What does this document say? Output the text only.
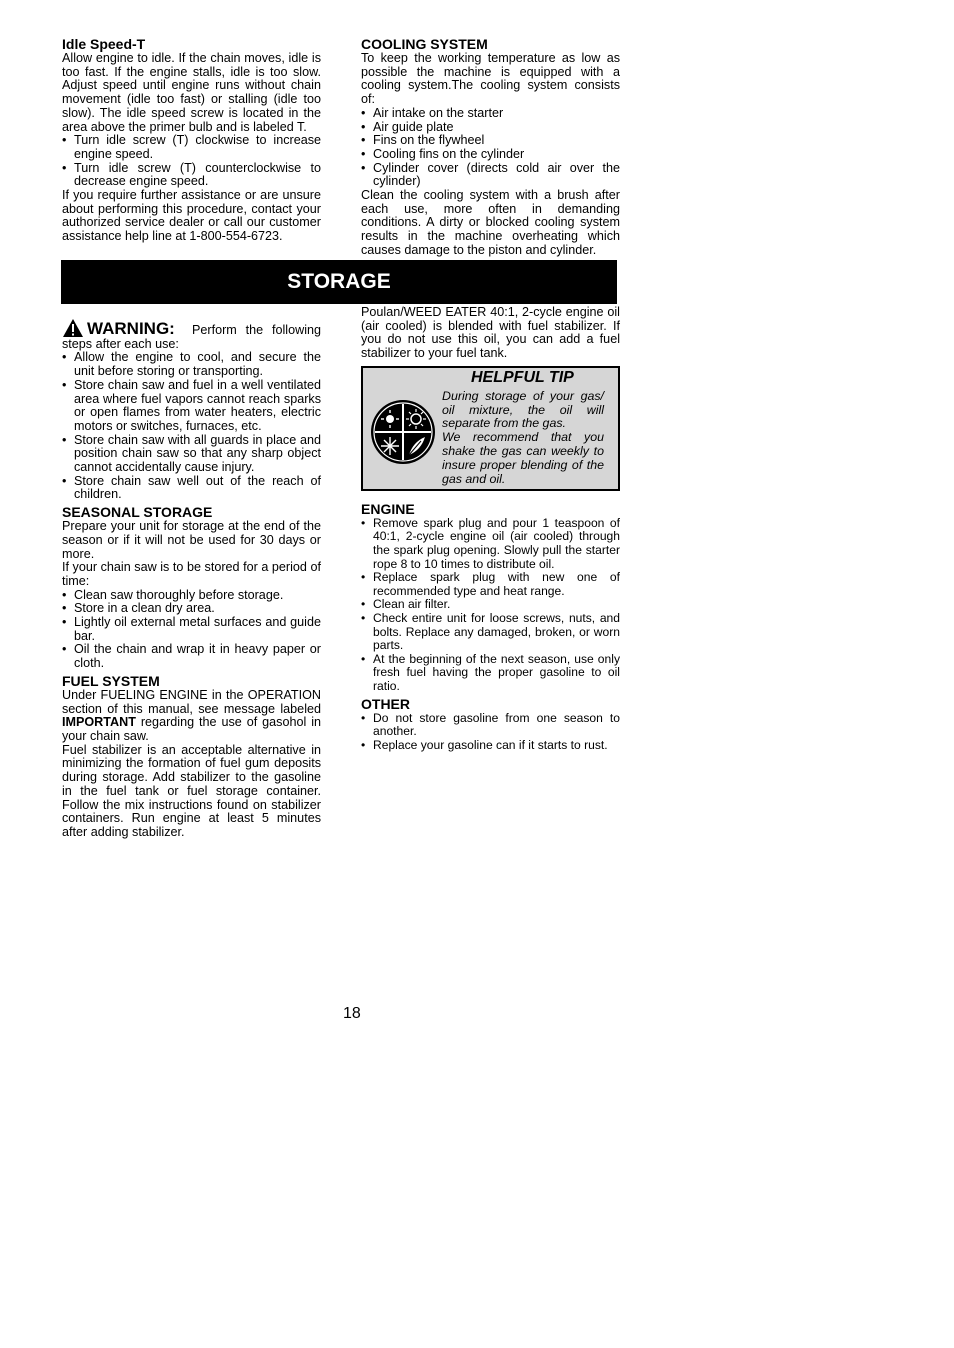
Idle Speed-T

Allow engine to idle. If the chain moves, idle is too fast. If the engine stalls, idle is too slow. Adjust speed until engine runs without chain movement (idle too fast) or stalling (idle too slow). The idle speed screw is located in the area above the primer bulb and is labeled T.

• Turn idle screw (T) clockwise to increase engine speed.
• Turn idle screw (T) counterclockwise to decrease engine speed.

If you require further assistance or are unsure about performing this procedure, contact your authorized service dealer or call our customer assistance help line at 1-800-554-6723.

COOLING SYSTEM

To keep the working temperature as low as possible the machine is equipped with a cooling system.The cooling system consists of:

• Air intake on the starter
• Air guide plate
• Fins on the flywheel
• Cooling fins on the cylinder
• Cylinder cover (directs cold air over the cylinder)

Clean the cooling system with a brush after each use, more often in demanding conditions. A dirty or blocked cooling system results in the machine overheating which causes damage to the piston and cylinder.

STORAGE
WARNING:	Perform the following steps after each use:

• Allow the engine to cool, and secure the unit before storing or transporting.
• Store chain saw and fuel in a well ventilated area where fuel vapors cannot reach sparks or open flames from water heaters, electric motors or switches, furnaces, etc.
• Store chain saw with all guards in place and position chain saw so that any sharp object cannot accidentally cause injury.
• Store chain saw well out of the reach of children.
SEASONAL STORAGE

Prepare your unit for storage at the end of the season or if it will not be used for 30 days or more.

If your chain saw is to be stored for a period of time:

• Clean saw thoroughly before storage.
• Store in a clean dry area.
• Lightly oil external metal surfaces and guide bar.
• Oil the chain and wrap it in heavy paper or cloth.
FUEL SYSTEM

Under FUELING ENGINE in the OPERATION section of this manual, see message labeled IMPORTANT regarding the use of gasohol in your chain saw.

Fuel stabilizer is an acceptable alternative in minimizing the formation of fuel gum deposits during storage. Add stabilizer to the gasoline in the fuel tank or fuel storage container. Follow the mix instructions found on stabilizer containers. Run engine at least 5 minutes after adding stabilizer.

Poulan/WEED EATER 40:1, 2-cycle engine oil (air cooled) is blended with fuel stabilizer. If you do not use this oil, you can add a fuel stabilizer to your fuel tank.

HELPFUL TIP
During storage of your gas/ oil mixture, the oil will separate from the gas.
We recommend that you shake the gas can weekly to insure proper blending of the gas and oil.
ENGINE
• Remove spark plug and pour 1 teaspoon of 40:1, 2-cycle engine oil (air cooled) through the spark plug opening. Slowly pull the starter rope 8 to 10 times to distribute oil.
• Replace spark plug with new one of recommended type and heat range.
• Clean air filter.
• Check entire unit for loose screws, nuts, and bolts. Replace any damaged, broken, or worn parts.
• At the beginning of the next season, use only fresh fuel having the proper gasoline to oil ratio.
OTHER
• Do not store gasoline from one season to another.
• Replace your gasoline can if it starts to rust.
18
